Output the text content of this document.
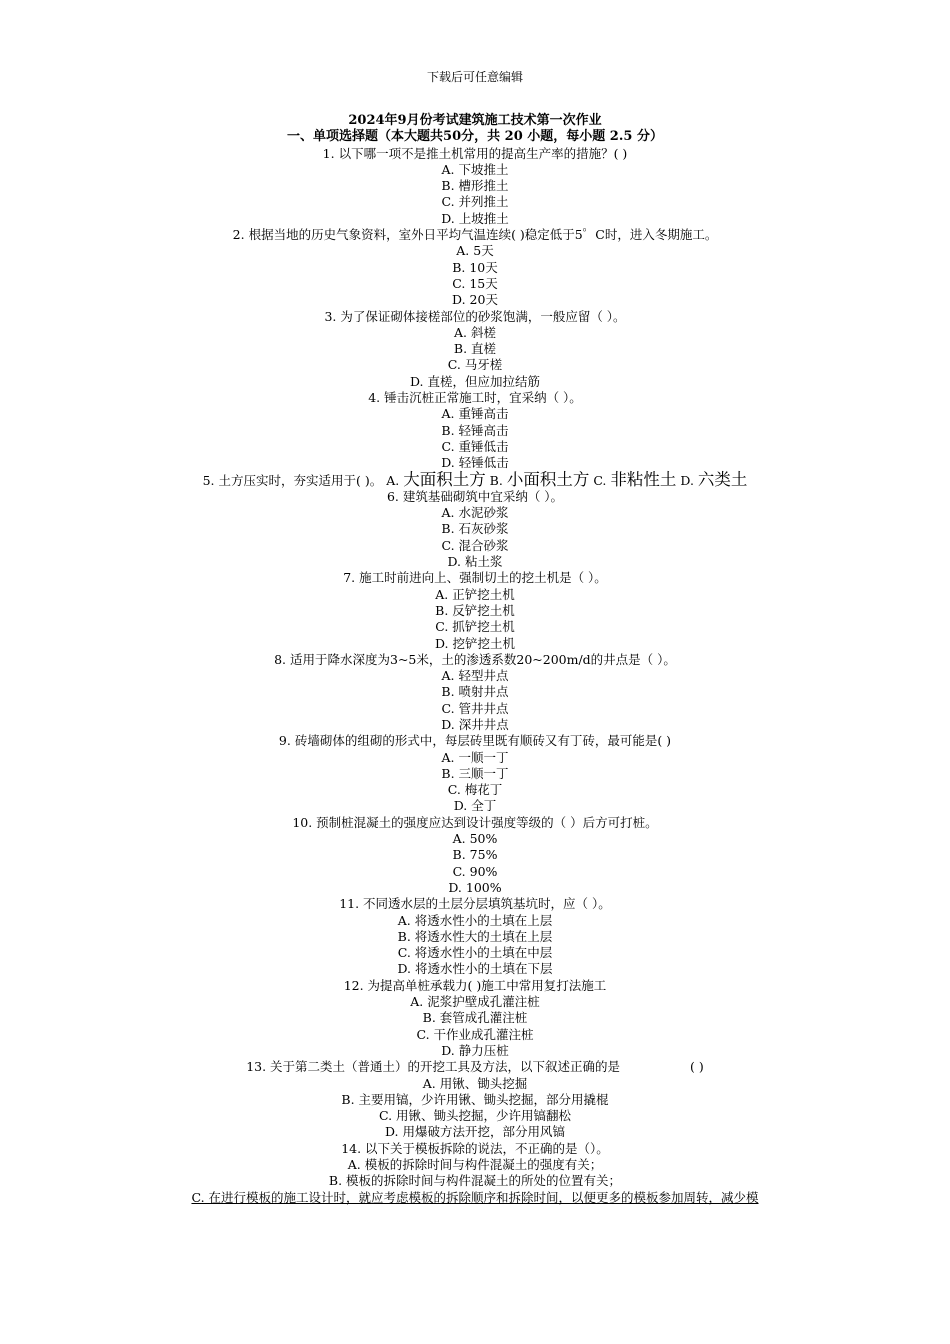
下载后可任意编辑
2024年9月份考试建筑施工技术第一次作业
一、单项选择题（本大题共50分，共 20 小题，每小题 2.5 分）
1. 以下哪一项不是推土机常用的提高生产率的措施？( )
A. 下坡推土
B. 槽形推土
C. 并列推土
D. 上坡推土
2. 根据当地的历史气象资料，室外日平均气温连续( )稳定低于5゜C时，进入冬期施工。
A. 5天
B. 10天
C. 15天
D. 20天
3. 为了保证砌体接槎部位的砂浆饱满，一般应留（ ）。
A. 斜槎
B. 直槎
C. 马牙槎
D. 直槎，但应加拉结筋
4. 锤击沉桩正常施工时，宜采纳（ ）。
A. 重锤高击
B. 轻锤高击
C. 重锤低击
D. 轻锤低击
5. 土方压实时，夯实适用于( )。 A. 大面积土方 B. 小面积土方 C. 非粘性土 D. 六类土
6. 建筑基础砌筑中宜采纳（ ）。
A. 水泥砂浆
B. 石灰砂浆
C. 混合砂浆
D. 粘土浆
7. 施工时前进向上、强制切土的挖土机是（ ）。
A. 正铲挖土机
B. 反铲挖土机
C. 抓铲挖土机
D. 挖铲挖土机
8. 适用于降水深度为3~5米，土的渗透系数20~200m/d的井点是（ ）。
A. 轻型井点
B. 喷射井点
C. 管井井点
D. 深井井点
9. 砖墙砌体的组砌的形式中，每层砖里既有顺砖又有丁砖，最可能是( )
A. 一顺一丁
B. 三顺一丁
C. 梅花丁
D. 全丁
10. 预制桩混凝土的强度应达到设计强度等级的（ ）后方可打桩。
A. 50%
B. 75%
C. 90%
D. 100%
11. 不同透水层的土层分层填筑基坑时，应（ ）。
A. 将透水性小的土填在上层
B. 将透水性大的土填在上层
C. 将透水性小的土填在中层
D. 将透水性小的土填在下层
12. 为提高单桩承载力( )施工中常用复打法施工
A. 泥浆护壁成孔灌注桩
B. 套管成孔灌注桩
C. 干作业成孔灌注桩
D. 静力压桩
13. 关于第二类土（普通土）的开挖工具及方法，以下叙述正确的是	( )
A. 用锹、锄头挖掘
B. 主要用镐，少许用锹、锄头挖掘，部分用撬棍
C. 用锹、锄头挖掘，少许用镐翻松
D. 用爆破方法开挖，部分用风镐
14. 以下关于模板拆除的说法，不正确的是（）。
A. 模板的拆除时间与构件混凝土的强度有关；
B. 模板的拆除时间与构件混凝土的所处的位置有关；
C. 在进行模板的施工设计时，就应考虑模板的拆除顺序和拆除时间，以便更多的模板参加周转，减少模
